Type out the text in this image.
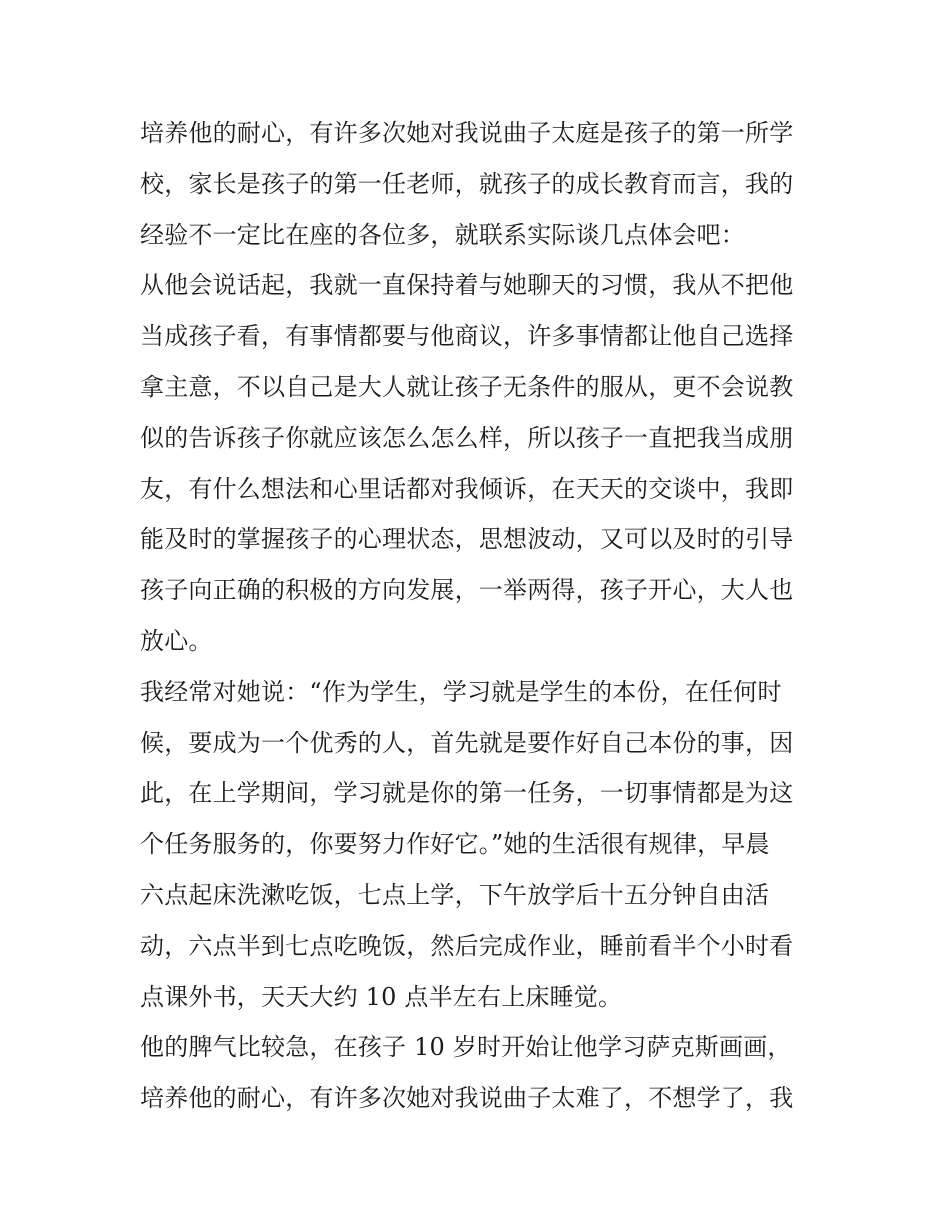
培养他的耐心，有许多次她对我说曲子太庭是孩子的第一所学
校，家长是孩子的第一任老师，就孩子的成长教育而言，我的
经验不一定比在座的各位多，就联系实际谈几点体会吧：
从他会说话起，我就一直保持着与她聊天的习惯，我从不把他
当成孩子看，有事情都要与他商议，许多事情都让他自己选择
拿主意，不以自己是大人就让孩子无条件的服从，更不会说教
似的告诉孩子你就应该怎么怎么样，所以孩子一直把我当成朋
友，有什么想法和心里话都对我倾诉，在天天的交谈中，我即
能及时的掌握孩子的心理状态，思想波动，又可以及时的引导
孩子向正确的积极的方向发展，一举两得，孩子开心，大人也
放心。
我经常对她说：“作为学生，学习就是学生的本份，在任何时
候，要成为一个优秀的人，首先就是要作好自己本份的事，因
此，在上学期间，学习就是你的第一任务，一切事情都是为这
个任务服务的，你要努力作好它。”她的生活很有规律，早晨
六点起床洗漱吃饭，七点上学，下午放学后十五分钟自由活
动，六点半到七点吃晚饭，然后完成作业，睡前看半个小时看
点课外书，天天大约 10 点半左右上床睡觉。
他的脾气比较急，在孩子 10 岁时开始让他学习萨克斯画画，
培养他的耐心，有许多次她对我说曲子太难了，不想学了，我
